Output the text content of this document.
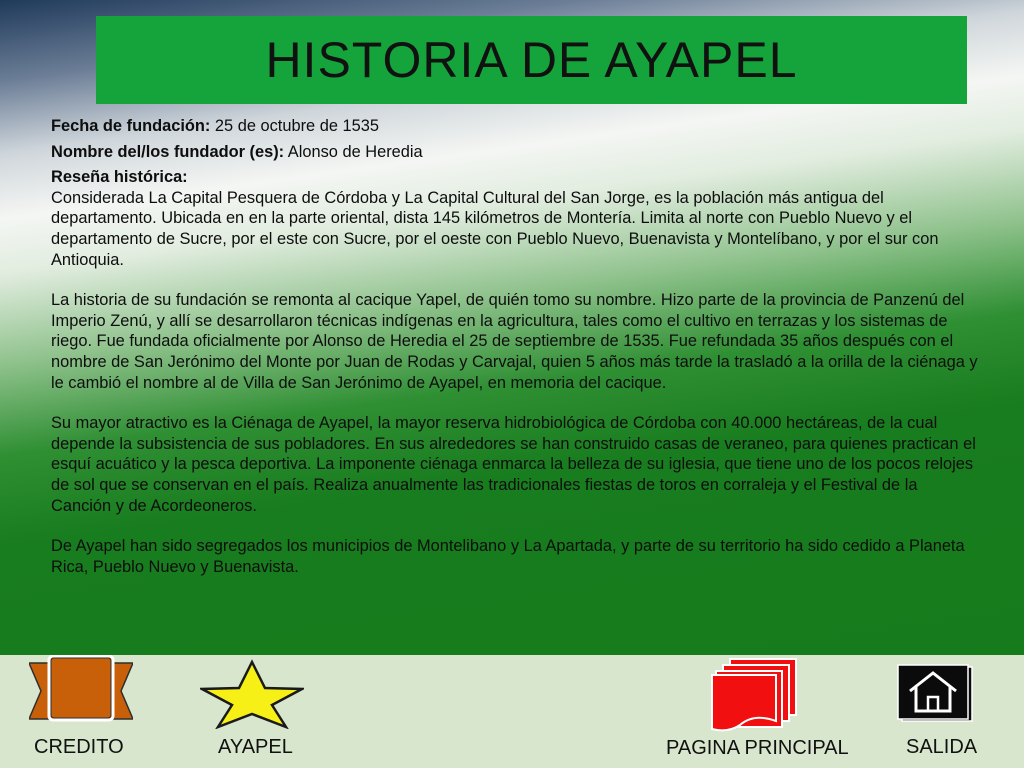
HISTORIA DE AYAPEL

Fecha de fundación: 25 de octubre de 1535

Nombre del/los fundador (es): Alonso de Heredia

Reseña histórica:

Considerada La Capital Pesquera de Córdoba y La Capital Cultural del San Jorge, es la población más antigua del departamento. Ubicada en en la parte oriental, dista 145 kilómetros de Montería. Limita al norte con Pueblo Nuevo y el departamento de Sucre, por el este con Sucre, por el oeste con Pueblo Nuevo, Buenavista y Montelíbano, y por el sur con Antioquia.

La historia de su fundación se remonta al cacique Yapel, de quién tomo su nombre. Hizo parte de la provincia de Panzenú del Imperio Zenú, y allí se desarrollaron técnicas indígenas en la agricultura, tales como el cultivo en terrazas y los sistemas de riego. Fue fundada oficialmente por Alonso de Heredia el 25 de septiembre de 1535. Fue refundada 35 años después con el nombre de San Jerónimo del Monte por Juan de Rodas y Carvajal, quien 5 años más tarde la trasladó a la orilla de la ciénaga y le cambió el nombre al de Villa de San Jerónimo de Ayapel, en memoria del cacique.

Su mayor atractivo es la Ciénaga de Ayapel, la mayor reserva hidrobiológica de Córdoba con 40.000 hectáreas, de la cual depende la subsistencia de sus pobladores. En sus alrededores se han construido casas de veraneo, para quienes practican el esquí acuático y la pesca deportiva. La imponente ciénaga enmarca la belleza de su iglesia, que tiene uno de los pocos relojes de sol que se conservan en el país. Realiza anualmente las tradicionales fiestas de toros en corraleja y el Festival de la Canción y de Acordeoneros.

De Ayapel han sido segregados los municipios de Montelibano y La Apartada, y parte de su territorio ha sido cedido a Planeta Rica, Pueblo Nuevo y Buenavista.

CREDITO	AYAPEL	PAGINA PRINCIPAL	SALIDA
